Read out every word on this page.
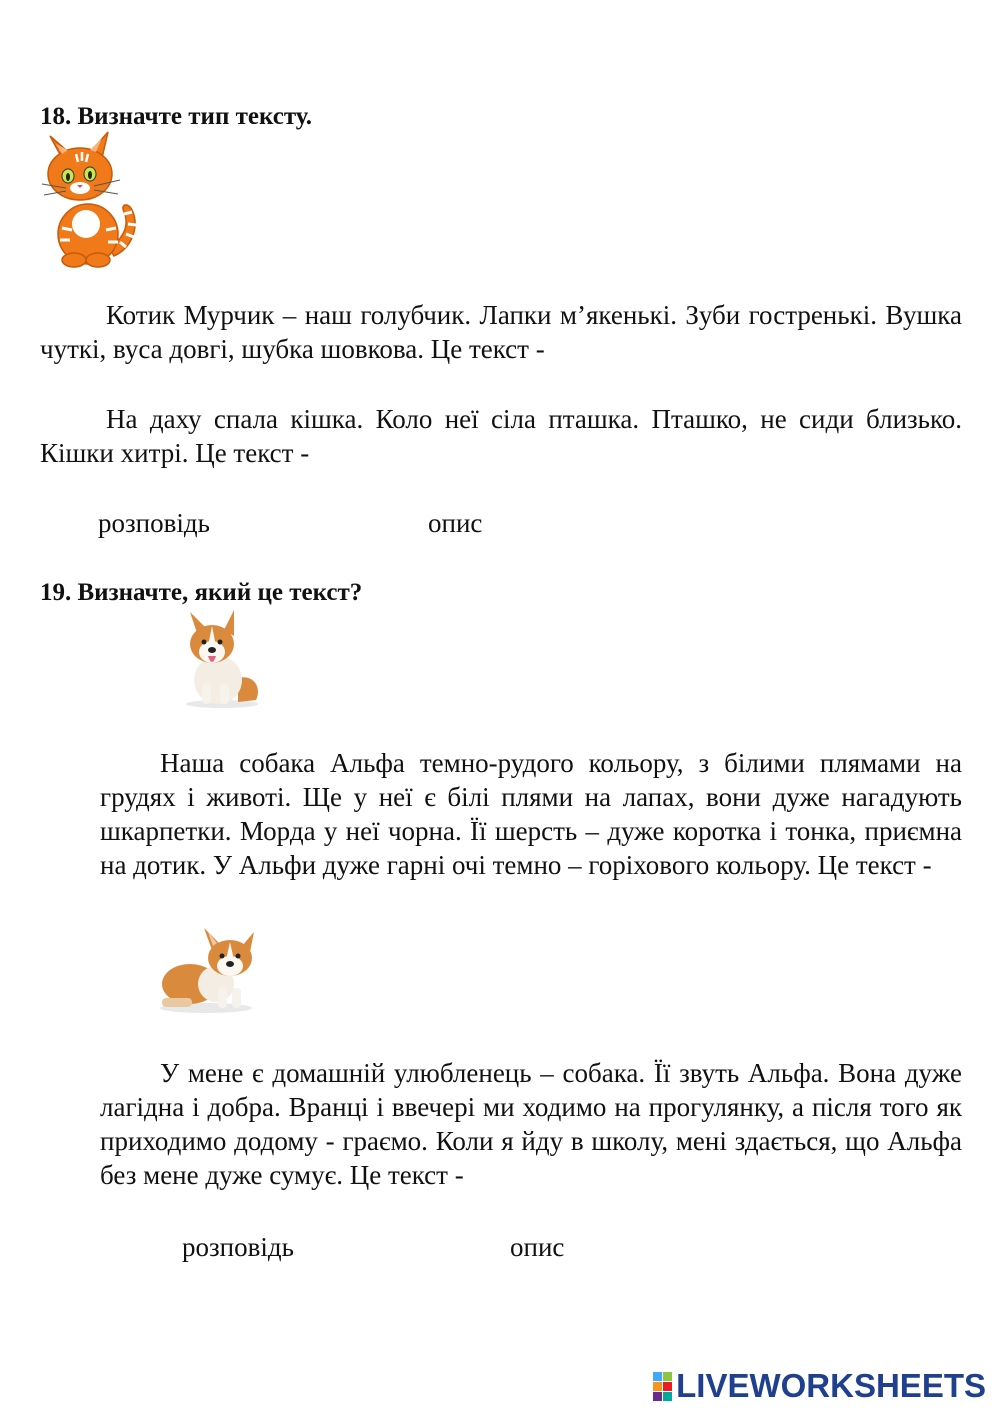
18. Визначте тип тексту.

Котик Мурчик – наш голубчик. Лапки м’якенькі. Зуби гостренькі. Вушка чуткі, вуса довгі, шубка шовкова. Це текст -

На даху спала кішка. Коло неї сіла пташка. Пташко, не сиди близько. Кішки хитрі. Це текст -

розповідь	опис
19. Визначте, який це текст?

Наша собака Альфа темно-рудого кольору, з білими плямами на грудях і животі. Ще у неї є білі плями на лапах, вони дуже нагадують шкарпетки. Морда у неї чорна. Її шерсть – дуже коротка і тонка, приємна на дотик. У Альфи дуже гарні очі темно – горіхового кольору. Це текст -

У мене є домашній улюбленець – собака. Її звуть Альфа. Вона дуже лагідна і добра. Вранці і ввечері ми ходимо на прогулянку, а після того як приходимо додому - граємо. Коли я йду в школу, мені здається, що Альфа без мене дуже сумує. Це текст -

розповідь	опис
LIVEWORKSHEETS
